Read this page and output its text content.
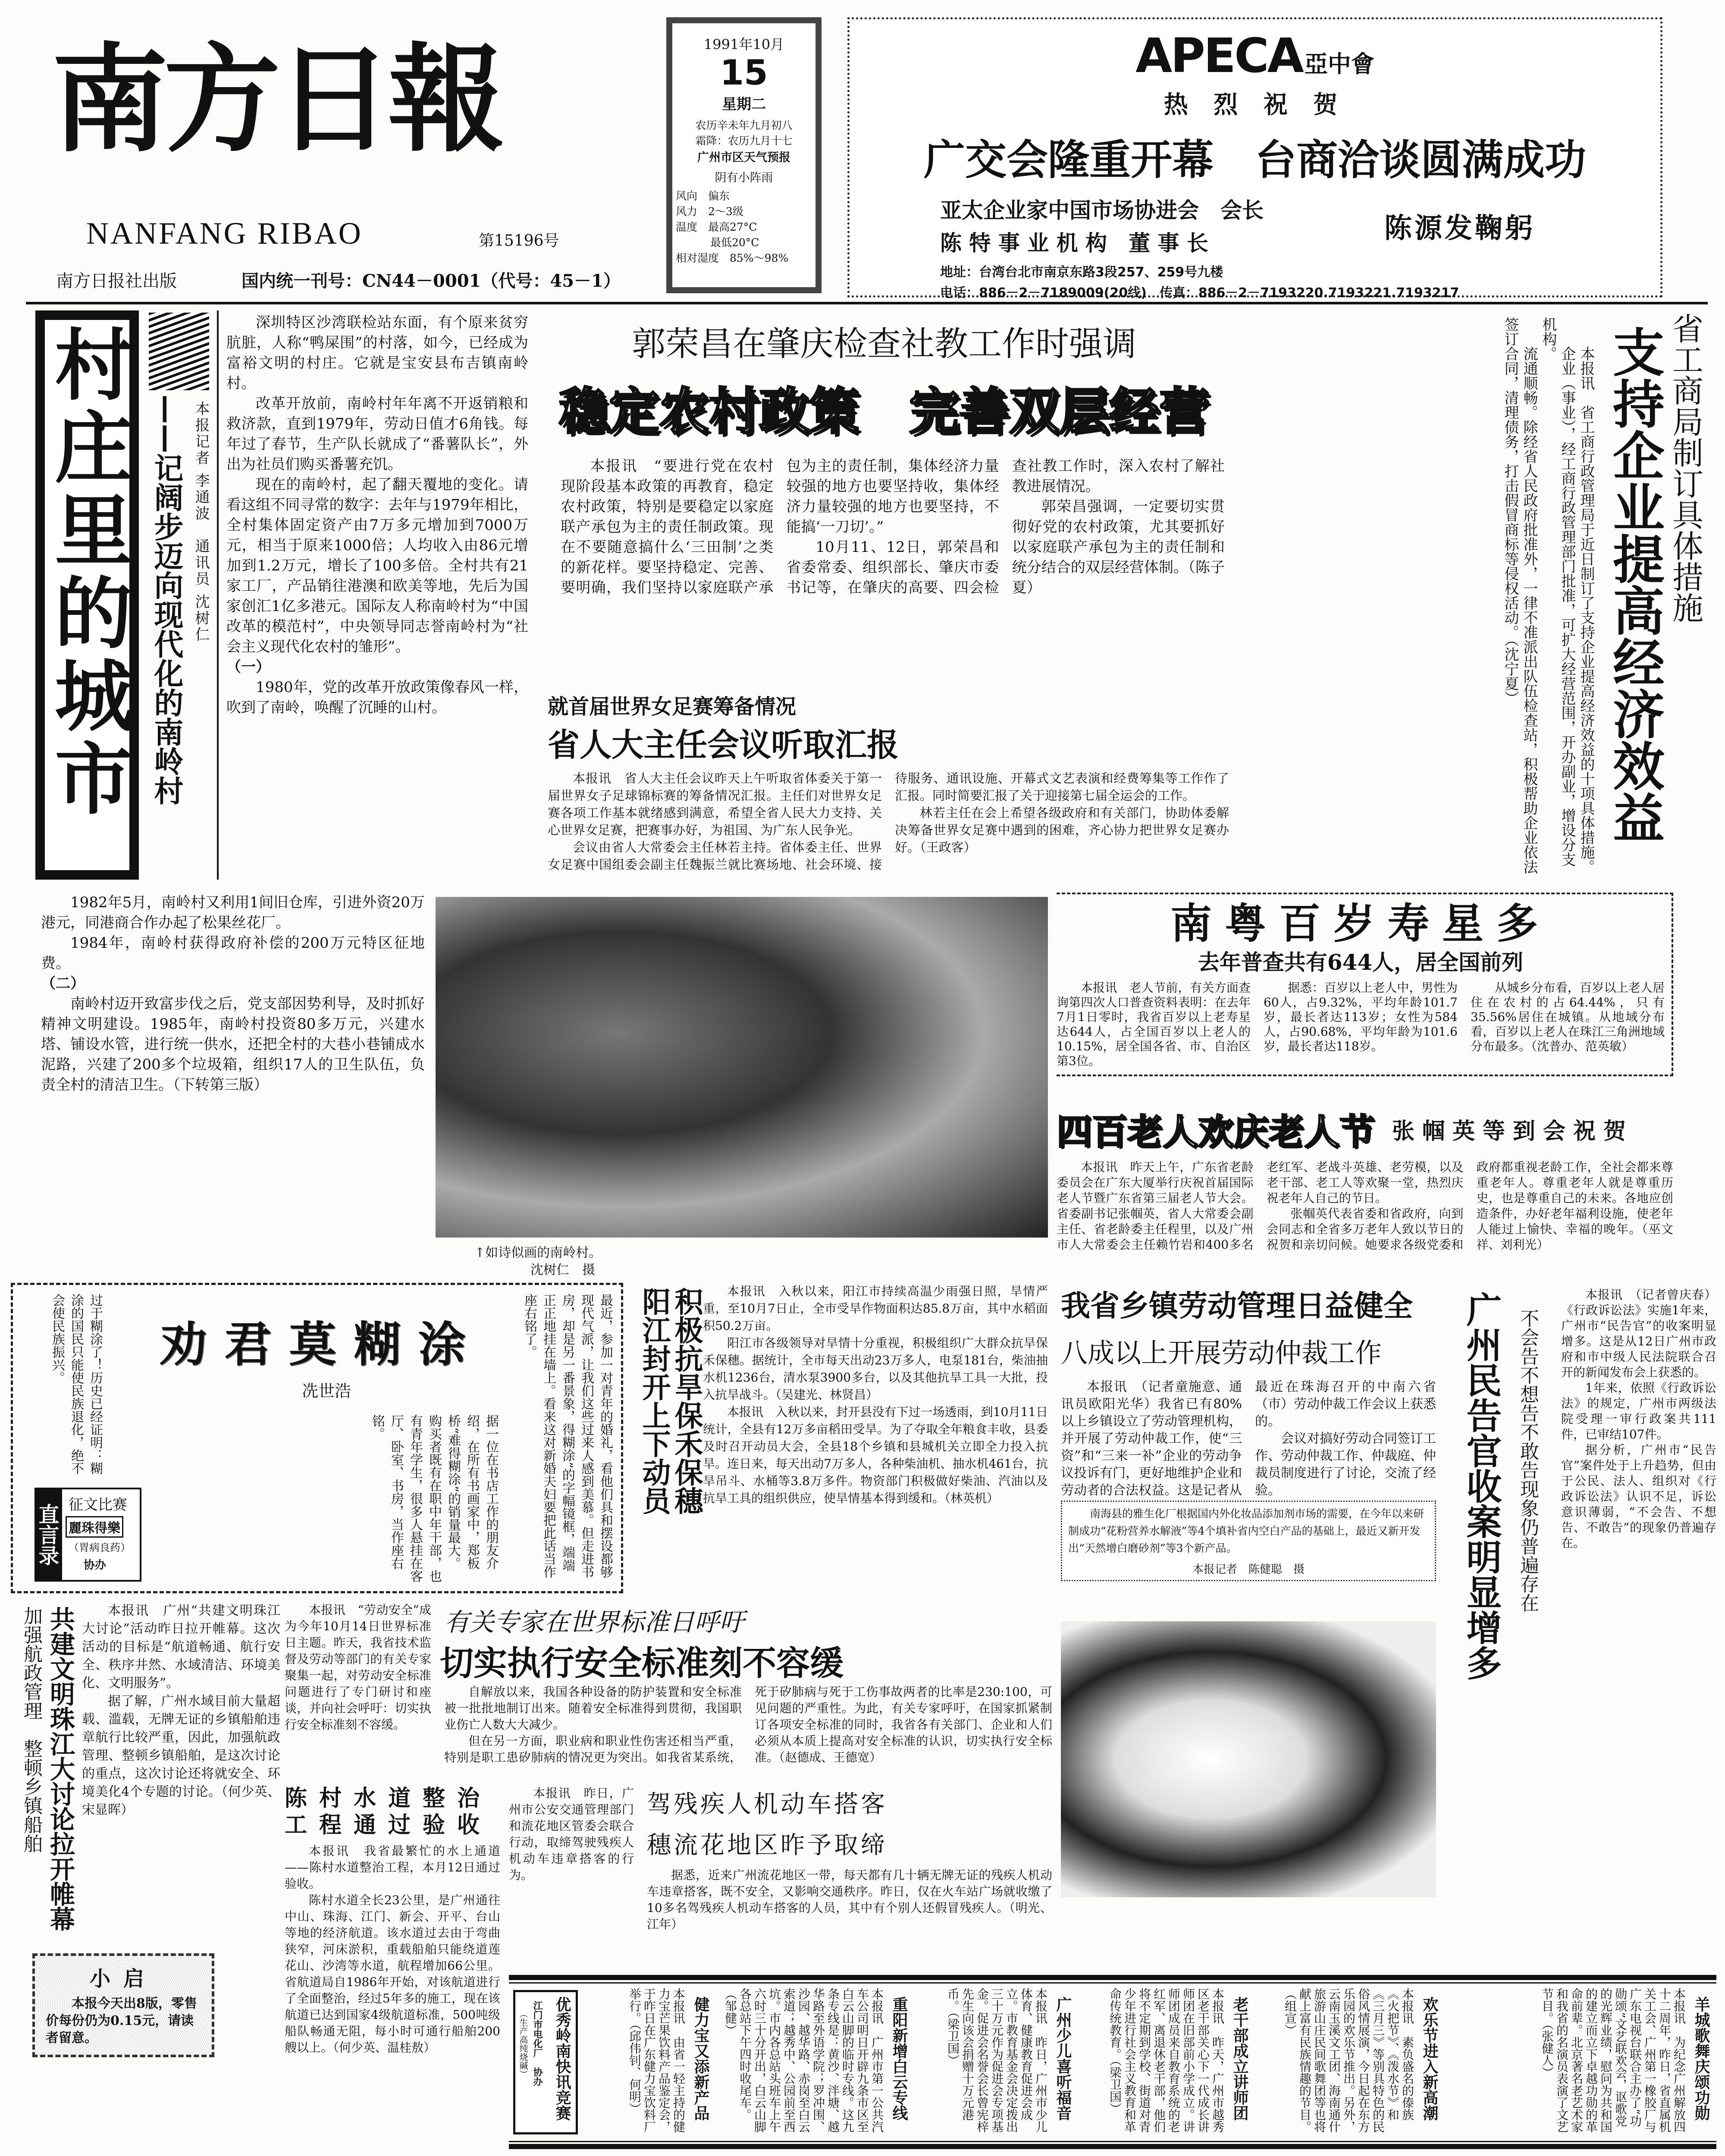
南方日報
NANFANG RIBAO	第15196号
南方日报社出版	国内统一刊号：CN44－0001（代号：45－1）
1991年10月
15
星期二
农历辛未年九月初八
霜降：农历九月十七
广州市区天气预报
阴有小阵雨
风向　 偏东
风力　 2～3级
温度　 最高27°C
最低20°C
相对湿度　 85%～98%
APECA 亞中會
热 烈 祝 贺
广交会隆重开幕　台商洽谈圆满成功
亚太企业家中国市场协进会　会长
陈 特 事 业 机 构　董 事 长	陈源发鞠躬
地址：台湾台北市南京东路3段257、259号九楼
电话：886－2－7189009(20线)　传真：886－2－7193220.7193221.7193217
村庄里的城市 ——记阔步迈向现代化的南岭村 本报记者 李通波　通讯员 沈树仁

深圳特区沙湾联检站东面，有个原来贫穷肮脏，人称“鸭屎围”的村落，如今，已经成为富裕文明的村庄。它就是宝安县布吉镇南岭村。

改革开放前，南岭村年年离不开返销粮和救济款，直到1979年，劳动日值才6角钱。每年过了春节，生产队长就成了“番薯队长”，外出为社员们购买番薯充饥。

现在的南岭村，起了翻天覆地的变化。请看这组不同寻常的数字：去年与1979年相比，全村集体固定资产由7万多元增加到7000万元，相当于原来1000倍；人均收入由86元增加到1.2万元，增长了100多倍。全村共有21家工厂，产品销往港澳和欧美等地，先后为国家创汇1亿多港元。国际友人称南岭村为“中国改革的模范村”，中央领导同志誉南岭村为“社会主义现代化农村的雏形”。

（一）

1980年，党的改革开放政策像春风一样，吹到了南岭，唤醒了沉睡的山村。

1982年5月，南岭村又利用1间旧仓库，引进外资20万港元，同港商合作办起了松果丝花厂。

1984年，南岭村获得政府补偿的200万元特区征地费。

（二）

南岭村迈开致富步伐之后，党支部因势利导，及时抓好精神文明建设。1985年，南岭村投资80多万元，兴建水塔、铺设水管，进行统一供水，还把全村的大巷小巷铺成水泥路，兴建了200多个垃圾箱，组织17人的卫生队伍，负责全村的清洁卫生。（下转第三版）

郭荣昌在肇庆检查社教工作时强调
稳定农村政策　完善双层经营

本报讯　“要进行党在农村现阶段基本政策的再教育，稳定农村政策，特别是要稳定以家庭联产承包为主的责任制政策。现在不要随意搞什么‘三田制’之类的新花样。要坚持稳定、完善、要明确，我们坚持以家庭联产承包为主的责任制，集体经济力量较强的地方也要坚持收，集体经济力量较强的地方也要坚持，不能搞‘一刀切’。”

10月11、12日，郭荣昌和省委常委、组织部长、肇庆市委书记等，在肇庆的高要、四会检查社教工作时，深入农村了解社教进展情况。

郭荣昌强调，一定要切实贯彻好党的农村政策，尤其要抓好以家庭联产承包为主的责任制和统分结合的双层经营体制。（陈子夏）

就首届世界女足赛筹备情况
省人大主任会议听取汇报

本报讯　省人大主任会议昨天上午听取省体委关于第一届世界女子足球锦标赛的筹备情况汇报。主任们对世界女足赛各项工作基本就绪感到满意，希望全省人民大力支持、关心世界女足赛，把赛事办好，为祖国、为广东人民争光。

会议由省人大常委会主任林若主持。省体委主任、世界女足赛中国组委会副主任魏振兰就比赛场地、社会环境、接待服务、通讯设施、开幕式文艺表演和经费筹集等工作作了汇报。同时简要汇报了关于迎接第七届全运会的工作。

林若主任在会上希望各级政府和有关部门，协助体委解决筹备世界女足赛中遇到的困难，齐心协力把世界女足赛办好。（王政客）

省工商局制订具体措施
支持企业提高经济效益

本报讯　省工商行政管理局于近日制订了支持企业提高经济效益的十项具体措施。

企业（事业），经工商行政管理部门批准，可扩大经营范围，开办副业，增设分支机构。

流通顺畅。除经省人民政府批准外，一律不准派出队伍检查站，积极帮助企业依法签订合同，清理债务，打击假冒商标等侵权活动。（沈宁夏）

↑如诗似画的南岭村。
沈树仁　摄
南粤百岁寿星多
去年普查共有644人，居全国前列

本报讯　老人节前，有关方面查询第四次人口普查资料表明：在去年7月1日零时，我省百岁以上老寿星达644人，占全国百岁以上老人的10.15%，居全国各省、市、自治区第3位。

据悉：百岁以上老人中，男性为60人，占9.32%，平均年龄101.7岁，最长者达113岁；女性为584人，占90.68%，平均年龄为101.6岁，最长者达118岁。

从城乡分布看，百岁以上老人居住在农村的占64.44%，只有35.56%居住在城镇。从地域分布看，百岁以上老人在珠江三角洲地域分布最多。（沈普办、范英敏）

四百老人欢庆老人节 张帼英等到会祝贺

本报讯　昨天上午，广东省老龄委员会在广东大厦举行庆祝首届国际老人节暨广东省第三届老人节大会。省委副书记张帼英，省人大常委会副主任、省老龄委主任程里，以及广州市人大常委会主任赖竹岩和400多名老红军、老战斗英雄、老劳模，以及老干部、老工人等欢聚一堂，热烈庆祝老年人自己的节日。

张帼英代表省委和省政府，向到会同志和全省多万老年人致以节日的祝贺和亲切问候。她要求各级党委和政府都重视老龄工作，全社会都来尊重老年人。尊重老年人就是尊重历史，也是尊重自己的未来。各地应创造条件，办好老年福利设施，使老年人能过上愉快、幸福的晚年。（巫文祥、刘利光）

最近，参加一对青年的婚礼，看他们具和摆设都够现代气派，让我们这些过来人感到美慕。但走进书房，却是另一番景象，得糊涂”的字幅镜框，端端正正地挂在墙上。看来这对新婚夫妇要把此话当作座右铭了。
劝君莫糊涂
冼世浩
据一位在书店工作的朋友介绍，在所有书画家中，郑板桥“难得糊涂”的销量最大。购买者既有在职中年干部，也有青年学生，很多人悬挂在客厅、卧室、书房，当作座右铭。
过于糊涂了！历史已经证明：糊涂的国民只能使民族退化，绝不会使民族振兴。
直言录 征文比赛
麗珠得樂
（胃病良药）
协办
积极抗旱保禾保穗
阳江封开上下动员	本报讯　入秋以来，阳江市持续高温少雨强日照，旱情严重，至10月7日止，全市受旱作物面积达85.8万亩，其中水稻面积50.2万亩。

阳江市各级领导对旱情十分重视，积极组织广大群众抗旱保禾保穗。据统计，全市每天出动23万多人，电泵181台，柴油抽水机1236台，清水泵3900多台，以及其他抗旱工具一大批，投入抗旱战斗。（吴建光、林贤昌）

本报讯　入秋以来，封开县没有下过一场透雨，到10月11日统计，全县有12万多亩稻田受旱。为了夺取全年粮食丰收，县委及时召开动员大会，全县18个乡镇和县城机关立即全力投入抗旱。连日来，每天出动7万多人，各种柴油机、抽水机461台，抗旱吊斗、水桶等3.8万多件。物资部门积极做好柴油、汽油以及抗旱工具的组织供应，使旱情基本得到缓和。（林英机）

我省乡镇劳动管理日益健全
八成以上开展劳动仲裁工作

本报讯　（记者童施意、通讯员欧阳光华）我省已有80%以上乡镇设立了劳动管理机构，并开展了劳动仲裁工作，使“三资”和“三来一补”企业的劳动争议投诉有门，更好地维护企业和劳动者的合法权益。这是记者从最近在珠海召开的中南六省（市）劳动仲裁工作会议上获悉的。

会议对搞好劳动合同签订工作、劳动仲裁工作、仲裁庭、仲裁员制度进行了讨论，交流了经验。

南海县的雅生化厂根据国内外化妆品添加剂市场的需要，在今年以来研制成功“花粉营养水解液”等4个填补省内空白产品的基础上，最近又新开发出“天然增白磨砂剂”等3个新产品。
本报记者　陈健聪　摄	广州民告官收案明显增多 不会告不想告不敢告现象仍普遍存在

本报讯　（记者曾庆春）《行政诉讼法》实施1年来，广州市“民告官”的收案明显增多。这是从12日广州市政府和市中级人民法院联合召开的新闻发布会上获悉的。

1年来，依照《行政诉讼法》的规定，广州市两级法院受理一审行政案共111件，已审结107件。

据分析，广州市“民告官”案件处于上升趋势，但由于公民、法人、组织对《行政诉讼法》认识不足，诉讼意识薄弱，“不会告、不想告、不敢告”的现象仍普遍存在。

加强航政管理　整顿乡镇船舶 共建文明珠江大讨论拉开帷幕	本报讯　广州“共建文明珠江大讨论”活动昨日拉开帷幕。这次活动的目标是“航道畅通、航行安全、秩序井然、水域清洁、环境美化、文明服务”。

据了解，广州水域目前大量超载、滥载，无牌无证的乡镇船舶违章航行比较严重，因此，加强航政管理、整顿乡镇船舶，是这次讨论的重点，这次讨论还将就安全、环境美化4个专题的讨论。（何少英、宋显晖）

小启
本报今天出8版，零售价每份仍为0.15元，请读者留意。

本报讯　“劳动安全”成为今年10月14日世界标准日主题。昨天，我省技术监督及劳动等部门的有关专家聚集一起，对劳动安全标准问题进行了专门研讨和座谈，并向社会呼吁：切实执行安全标准刻不容缓。

有关专家在世界标准日呼吁
切实执行安全标准刻不容缓

自解放以来，我国各种设备的防护装置和安全标准被一批批地制订出来。随着安全标准得到贯彻，我国职业伤亡人数大大减少。

但在另一方面，职业病和职业性伤害还相当严重，特别是职工患矽肺病的情况更为突出。如我省某系统，死于矽肺病与死于工伤事故两者的比率是230:100，可见问题的严重性。为此，有关专家呼吁，在国家抓紧制订各项安全标准的同时，我省各有关部门、企业和人们必须从本质上提高对安全标准的认识，切实执行安全标准。（赵德成、王德宽）

陈村水道整治工程通过验收

本报讯　我省最繁忙的水上通道——陈村水道整治工程，本月12日通过验收。

陈村水道全长23公里，是广州通往中山、珠海、江门、新会、开平、台山等地的经济航道。该水道过去由于弯曲狭窄，河床淤积，重载船舶只能绕道莲花山、沙湾等水道，航程增加66公里。省航道局自1986年开始，对该航道进行了全面整治，经过5年多的施工，现在该航道已达到国家4级航道标准，500吨级船队畅通无阻，每小时可通行船舶200艘以上。（何少英、温桂敖）

驾残疾人机动车搭客
穗流花地区昨予取缔

本报讯　昨日，广州市公安交通管理部门和流花地区管委会联合行动，取缔驾驶残疾人机动车违章搭客的行为。	据悉，近来广州流花地区一带，每天都有几十辆无牌无证的残疾人机动车违章搭客，既不安全，又影响交通秩序。昨日，仅在火车站广场就收缴了10多名驾残疾人机动车搭客的人员，其中有个别人还假冒残疾人。（明光、江年）

优秀岭南快讯竞赛
江门市电化厂　协办
（生产高纯烧碱）	健力宝又添新产品
本报讯　由省一轻主持的健力宝芒果饮料产品鉴定会，于昨日在广东健力宝饮料厂举行。（邱伟钊、何明）	重阳新增白云专线
本报讯　广州市第一公共汽车公司明日开辟九条市区至白云山脚的临时专线。这九条专线是：黄沙、泮塘、越华路至外语学院；罗冲围、沙园、越华路、赤岗至白云索道；越秀中、公园前至西坑。市内各总站头班车上午六时三十分开出，白云山脚各总站下午四时收尾车。（邹健）	广州少儿喜听福音
本报讯　昨日，广州市少儿体育、健康教育促进会成立。市教育基金会决定拨出三十万元作为促进会专项基金。促进会名誉会长曾宪梓先生向该会捐赠十万元港币。（梁卫国）	老干部成立讲师团
本报讯　昨天，广州市越秀区老干部关心下一代成长讲师团在旧部前小学成立。讲师团成员来自教育系统的老红军、离退休老干部，他们将不定期到学校、街道对青少年进行社会主义教育和革命传统教育。（梁卫国）	欢乐节进入新高潮
本报讯　素负盛名的傣族《火把节》、《泼水节》和《三月三》等别具特色的民俗风情展演，今日起在东方乐园的欢乐节推出。另外，云南玉溪文工团、海南通什旅游山庄民间歌舞团等也将献上富有民族情趣的节目。（组宣）	羊城歌舞庆颂功勋
本报讯　为纪念广州解放四十二周年，昨日，省直属机关工会、广州第一橡胶厂与广东电视台联合主办了“功勋颂”文艺联欢会，讴歌党的光辉业绩，慰问为共和国的建立而立下卓越功勋的革命前辈。北京著名老艺术家和我省的名演员表演了文艺节目。（张健人）
